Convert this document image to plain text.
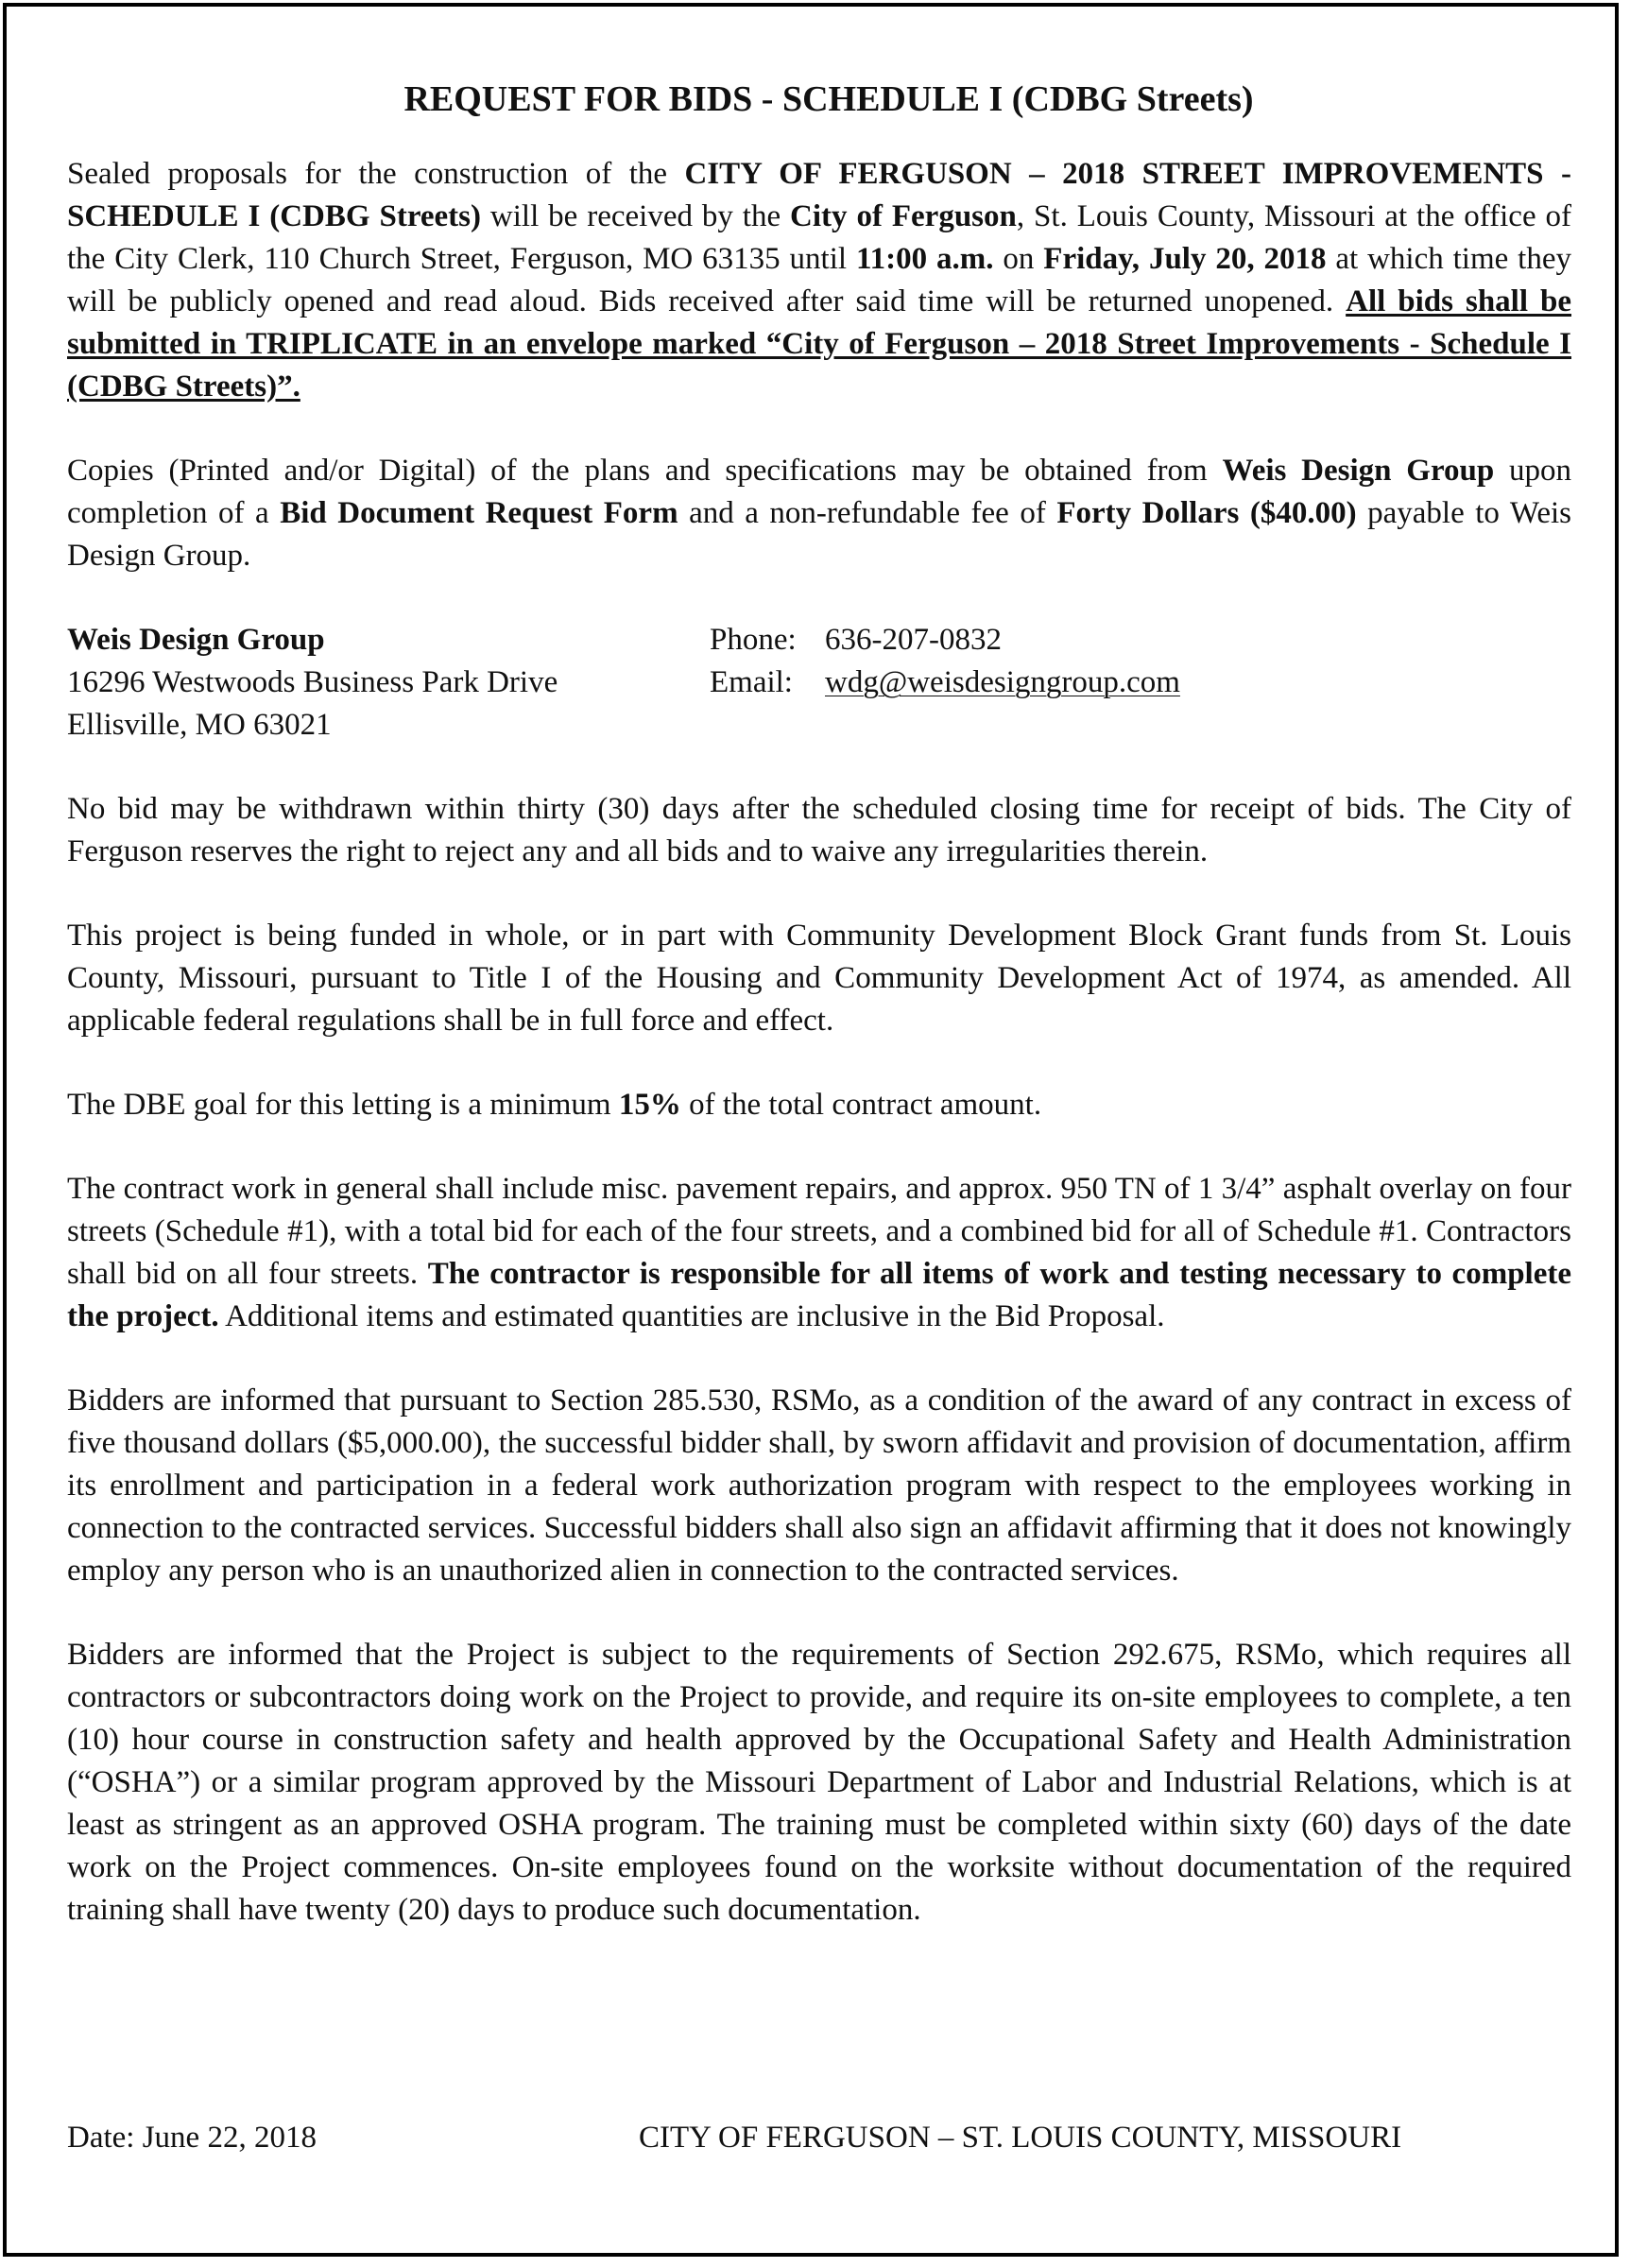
REQUEST FOR BIDS - SCHEDULE I (CDBG Streets)

Sealed proposals for the construction of the CITY OF FERGUSON – 2018 STREET IMPROVEMENTS - SCHEDULE I (CDBG Streets) will be received by the City of Ferguson, St. Louis County, Missouri at the office of the City Clerk, 110 Church Street, Ferguson, MO 63135 until 11:00 a.m. on Friday, July 20, 2018 at which time they will be publicly opened and read aloud. Bids received after said time will be returned unopened. All bids shall be submitted in TRIPLICATE in an envelope marked “City of Ferguson – 2018 Street Improvements - Schedule I (CDBG Streets)”.

Copies (Printed and/or Digital) of the plans and specifications may be obtained from Weis Design Group upon completion of a Bid Document Request Form and a non-refundable fee of Forty Dollars ($40.00) payable to Weis Design Group.

Weis Design Group
16296 Westwoods Business Park Drive
Ellisville, MO 63021
Phone: 636-207-0832
Email: wdg@weisdesigngroup.com

No bid may be withdrawn within thirty (30) days after the scheduled closing time for receipt of bids. The City of Ferguson reserves the right to reject any and all bids and to waive any irregularities therein.

This project is being funded in whole, or in part with Community Development Block Grant funds from St. Louis County, Missouri, pursuant to Title I of the Housing and Community Development Act of 1974, as amended. All applicable federal regulations shall be in full force and effect.

The DBE goal for this letting is a minimum 15% of the total contract amount.

The contract work in general shall include misc. pavement repairs, and approx. 950 TN of 1 3/4” asphalt overlay on four streets (Schedule #1), with a total bid for each of the four streets, and a combined bid for all of Schedule #1. Contractors shall bid on all four streets. The contractor is responsible for all items of work and testing necessary to complete the project. Additional items and estimated quantities are inclusive in the Bid Proposal.

Bidders are informed that pursuant to Section 285.530, RSMo, as a condition of the award of any contract in excess of five thousand dollars ($5,000.00), the successful bidder shall, by sworn affidavit and provision of documentation, affirm its enrollment and participation in a federal work authorization program with respect to the employees working in connection to the contracted services. Successful bidders shall also sign an affidavit affirming that it does not knowingly employ any person who is an unauthorized alien in connection to the contracted services.

Bidders are informed that the Project is subject to the requirements of Section 292.675, RSMo, which requires all contractors or subcontractors doing work on the Project to provide, and require its on-site employees to complete, a ten (10) hour course in construction safety and health approved by the Occupational Safety and Health Administration (“OSHA”) or a similar program approved by the Missouri Department of Labor and Industrial Relations, which is at least as stringent as an approved OSHA program. The training must be completed within sixty (60) days of the date work on the Project commences. On-site employees found on the worksite without documentation of the required training shall have twenty (20) days to produce such documentation.

Date: June 22, 2018	CITY OF FERGUSON – ST. LOUIS COUNTY, MISSOURI
